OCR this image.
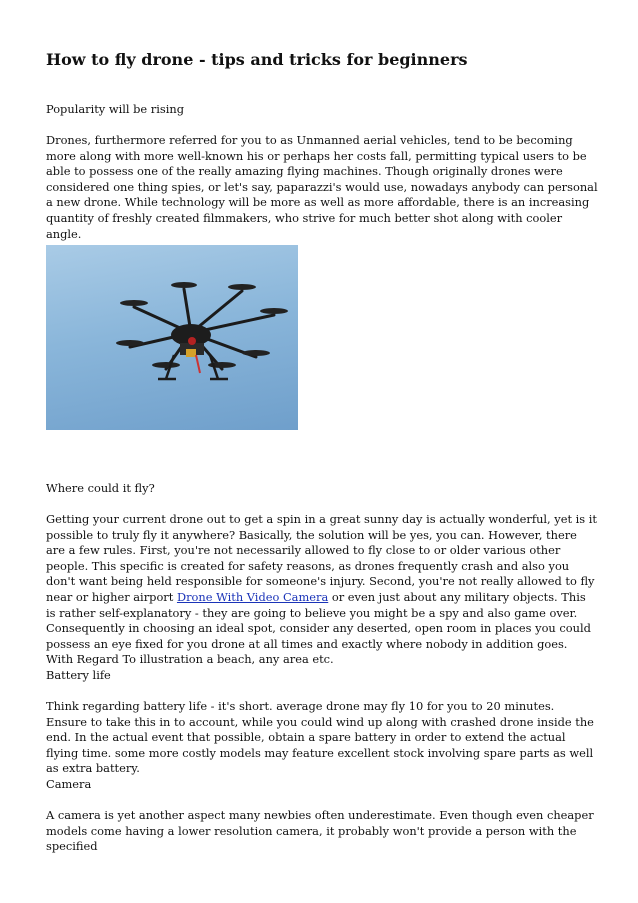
How to fly drone - tips and tricks for beginners

Popularity will be rising

Drones, furthermore referred for you to as Unmanned aerial vehicles, tend to be becoming more along with more well-known his or perhaps her costs fall, permitting typical users to be able to possess one of the really amazing flying machines. Though originally drones were considered one thing spies, or let's say, paparazzi's would use, nowadays anybody can personal a new drone. While technology will be more as well as more affordable, there is an increasing quantity of freshly created filmmakers, who strive for much better shot along with cooler angle.

Where could it fly?

Getting your current drone out to get a spin in a great sunny day is actually wonderful, yet is it possible to truly fly it anywhere? Basically, the solution will be yes, you can. However, there are a few rules. First, you're not necessarily allowed to fly close to or older various other people. This specific is created for safety reasons, as drones frequently crash and also you don't want being held responsible for someone's injury. Second, you're not really allowed to fly near or higher airport Drone With Video Camera or even just about any military objects. This is rather self-explanatory - they are going to believe you might be a spy and also game over. Consequently in choosing an ideal spot, consider any deserted, open room in places you could possess an eye fixed for you drone at all times and exactly where nobody in addition goes. With Regard To illustration a beach, any area etc.

Battery life

Think regarding battery life - it's short. average drone may fly 10 for you to 20 minutes. Ensure to take this in to account, while you could wind up along with crashed drone inside the end. In the actual event that possible, obtain a spare battery in order to extend the actual flying time. some more costly models may feature excellent stock involving spare parts as well as extra battery.

Camera

A camera is yet another aspect many newbies often underestimate. Even though even cheaper models come having a lower resolution camera, it probably won't provide a person with the specified
